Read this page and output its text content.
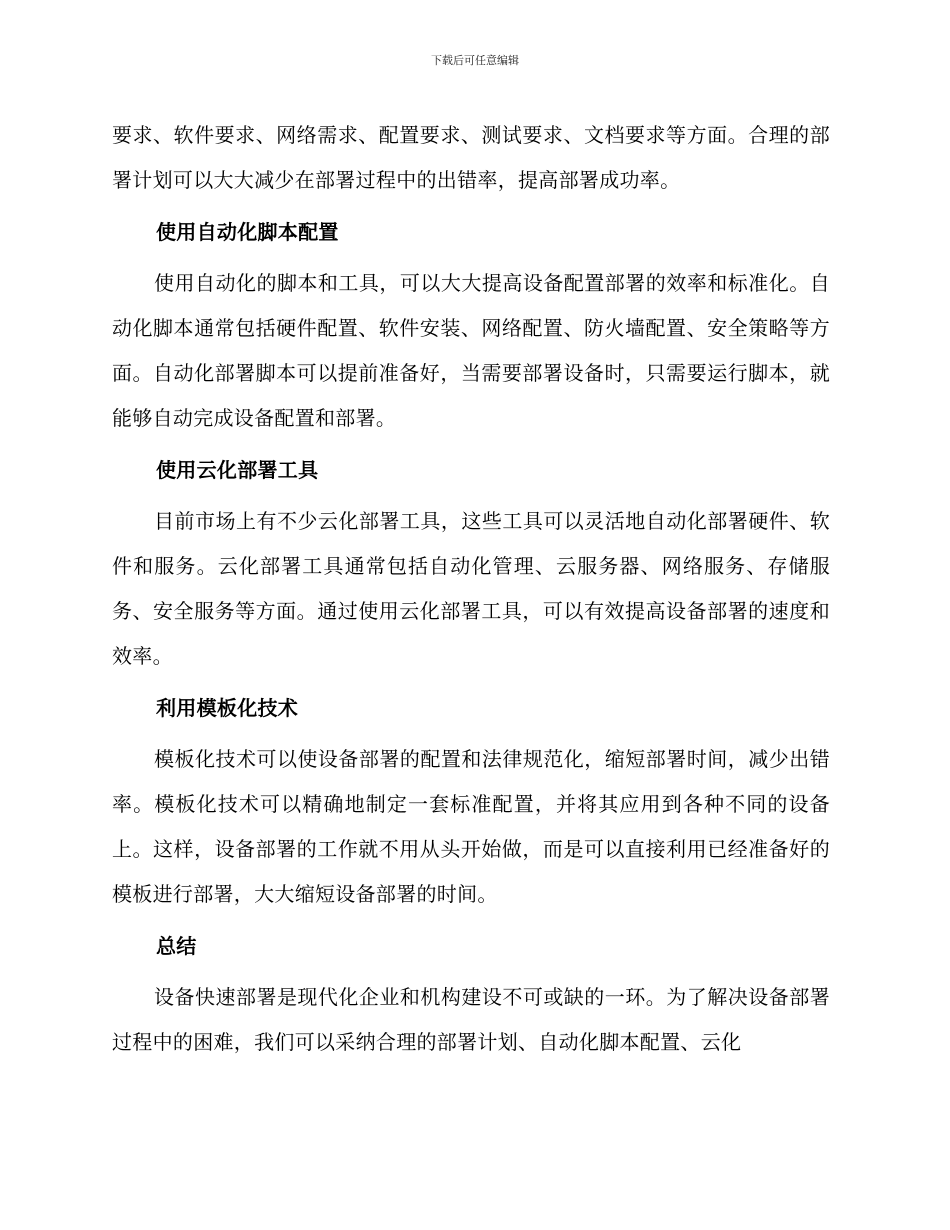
下载后可任意编辑

要求、软件要求、网络需求、配置要求、测试要求、文档要求等方面。合理的部署计划可以大大减少在部署过程中的出错率，提高部署成功率。

使用自动化脚本配置

使用自动化的脚本和工具，可以大大提高设备配置部署的效率和标准化。自动化脚本通常包括硬件配置、软件安装、网络配置、防火墙配置、安全策略等方面。自动化部署脚本可以提前准备好，当需要部署设备时，只需要运行脚本，就能够自动完成设备配置和部署。

使用云化部署工具

目前市场上有不少云化部署工具，这些工具可以灵活地自动化部署硬件、软件和服务。云化部署工具通常包括自动化管理、云服务器、网络服务、存储服务、安全服务等方面。通过使用云化部署工具，可以有效提高设备部署的速度和效率。

利用模板化技术

模板化技术可以使设备部署的配置和法律规范化，缩短部署时间，减少出错率。模板化技术可以精确地制定一套标准配置，并将其应用到各种不同的设备上。这样，设备部署的工作就不用从头开始做，而是可以直接利用已经准备好的模板进行部署，大大缩短设备部署的时间。

总结

设备快速部署是现代化企业和机构建设不可或缺的一环。为了解决设备部署过程中的困难，我们可以采纳合理的部署计划、自动化脚本配置、云化
